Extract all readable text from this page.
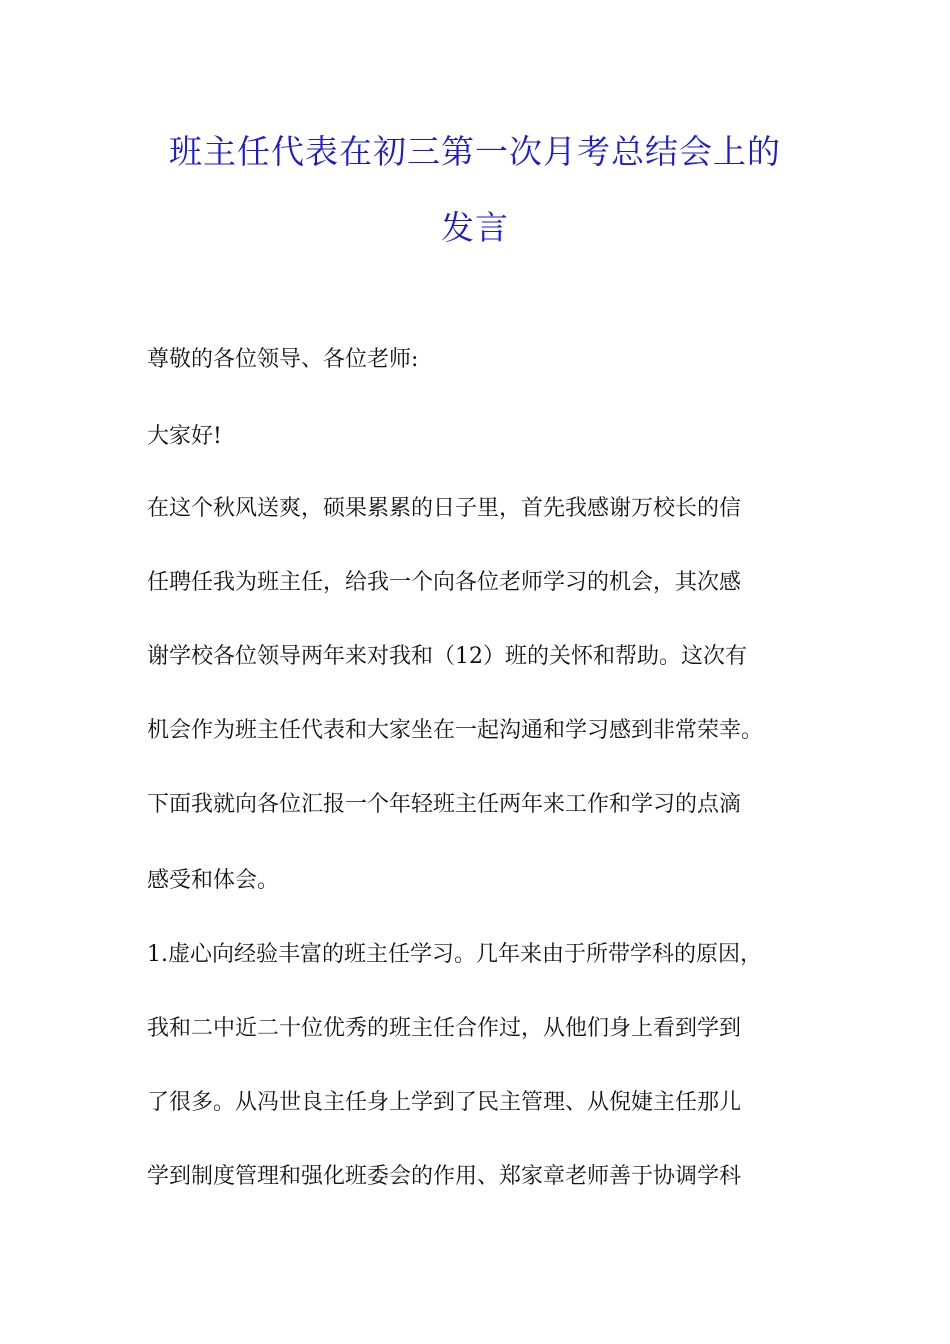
班主任代表在初三第一次月考总结会上的
发言
尊敬的各位领导、各位老师:
大家好!
在这个秋风送爽，硕果累累的日子里，首先我感谢万校长的信
任聘任我为班主任，给我一个向各位老师学习的机会，其次感
谢学校各位领导两年来对我和（12）班的关怀和帮助。这次有
机会作为班主任代表和大家坐在一起沟通和学习感到非常荣幸。
下面我就向各位汇报一个年轻班主任两年来工作和学习的点滴
感受和体会。
1.虚心向经验丰富的班主任学习。几年来由于所带学科的原因，
我和二中近二十位优秀的班主任合作过，从他们身上看到学到
了很多。从冯世良主任身上学到了民主管理、从倪婕主任那儿
学到制度管理和强化班委会的作用、郑家章老师善于协调学科
